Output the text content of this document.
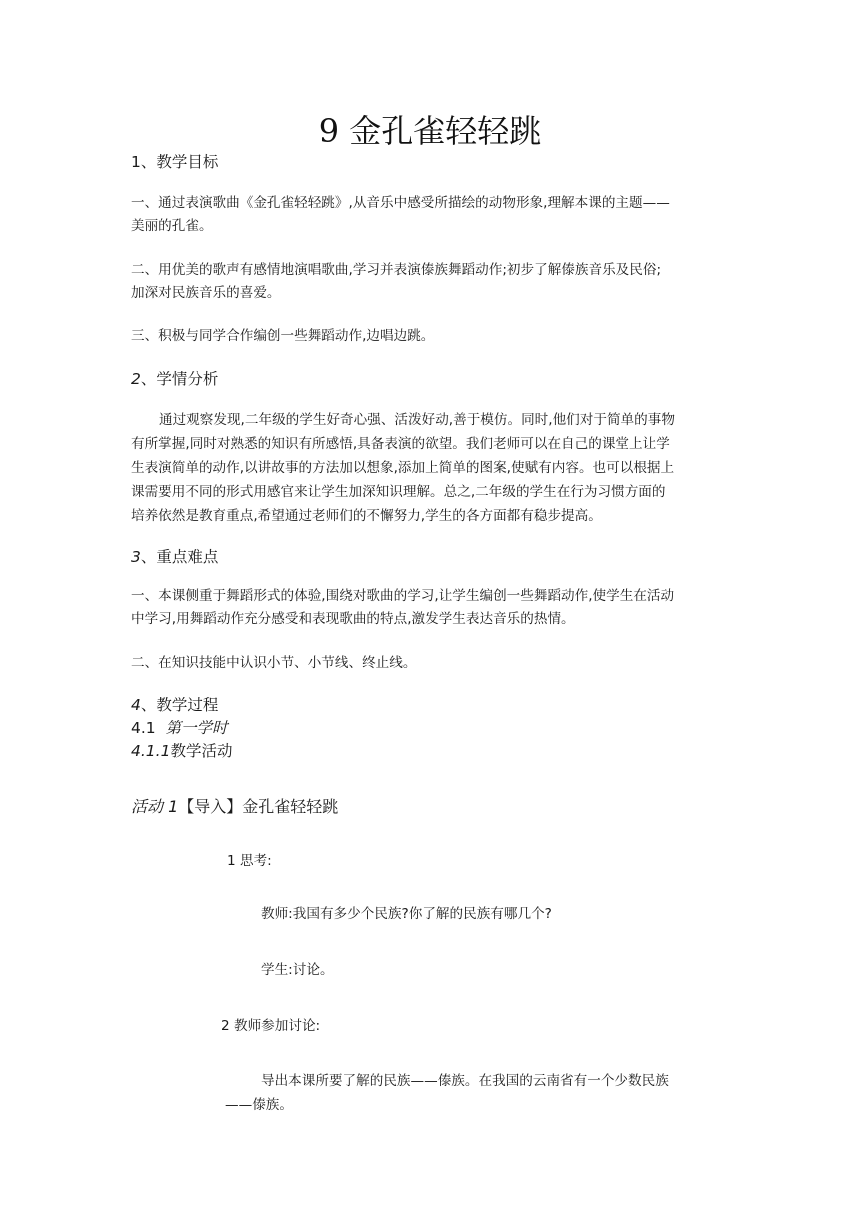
9 金孔雀轻轻跳
1、教学目标
一、通过表演歌曲《金孔雀轻轻跳》,从音乐中感受所描绘的动物形象,理解本课的主题——
美丽的孔雀。
二、用优美的歌声有感情地演唱歌曲,学习并表演傣族舞蹈动作;初步了解傣族音乐及民俗;
加深对民族音乐的喜爱。
三、积极与同学合作编创一些舞蹈动作,边唱边跳。
2、学情分析
通过观察发现,二年级的学生好奇心强、活泼好动,善于模仿。同时,他们对于简单的事物
有所掌握,同时对熟悉的知识有所感悟,具备表演的欲望。我们老师可以在自己的课堂上让学
生表演简单的动作,以讲故事的方法加以想象,添加上简单的图案,使赋有内容。也可以根据上
课需要用不同的形式用感官来让学生加深知识理解。总之,二年级的学生在行为习惯方面的
培养依然是教育重点,希望通过老师们的不懈努力,学生的各方面都有稳步提高。
3、重点难点
一、本课侧重于舞蹈形式的体验,围绕对歌曲的学习,让学生编创一些舞蹈动作,使学生在活动
中学习,用舞蹈动作充分感受和表现歌曲的特点,激发学生表达音乐的热情。
二、在知识技能中认识小节、小节线、终止线。
4、教学过程
4.1 第一学时
4.1.1教学活动
活动 1【导入】金孔雀轻轻跳
1 思考:
教师:我国有多少个民族?你了解的民族有哪几个?
学生:讨论。
2 教师参加讨论:
导出本课所要了解的民族——傣族。在我国的云南省有一个少数民族
——傣族。
